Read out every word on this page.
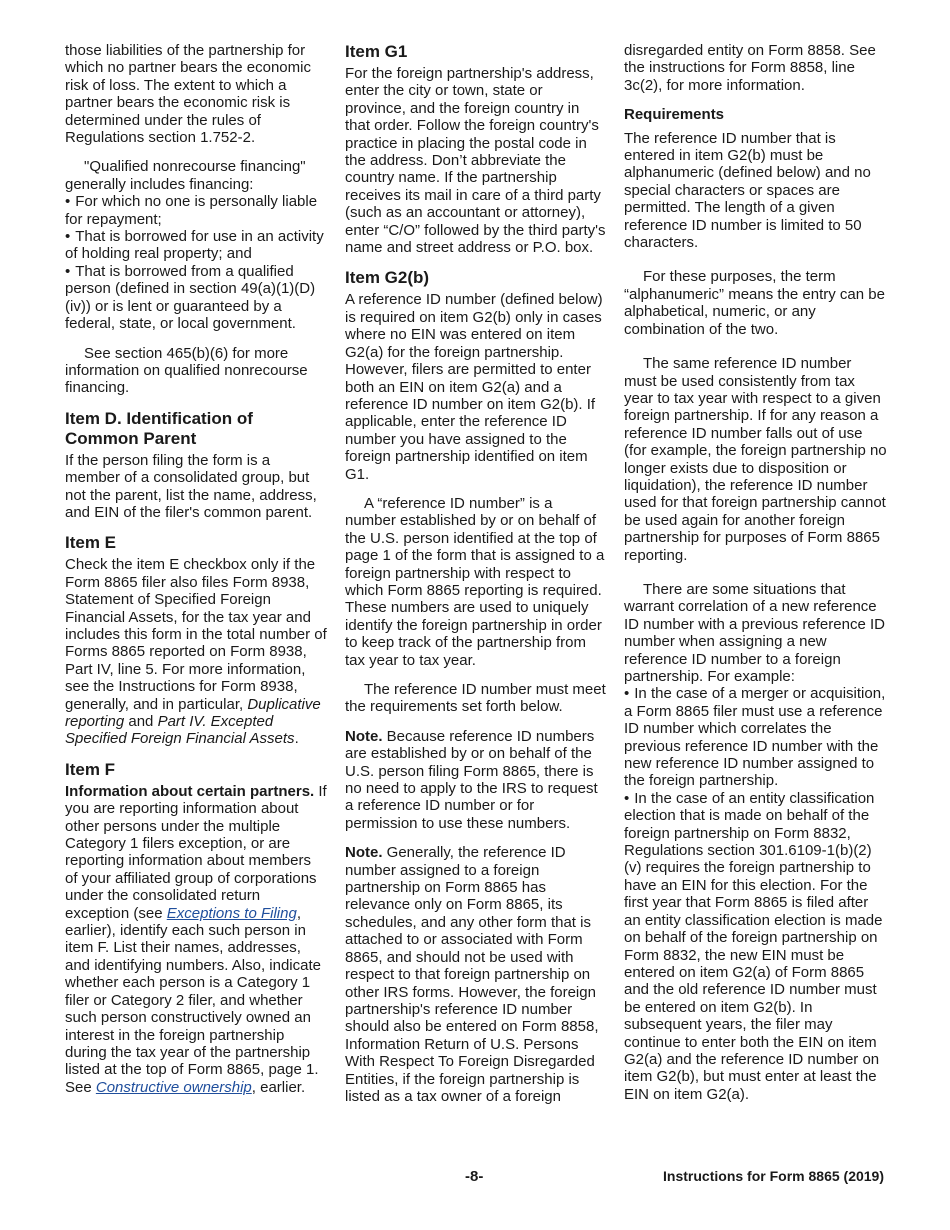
those liabilities of the partnership for which no partner bears the economic risk of loss. The extent to which a partner bears the economic risk is determined under the rules of Regulations section 1.752-2.

"Qualified nonrecourse financing" generally includes financing:

• For which no one is personally liable for repayment;

• That is borrowed for use in an activity of holding real property; and

• That is borrowed from a qualified person (defined in section 49(a)(1)(D)(iv)) or is lent or guaranteed by a federal, state, or local government.

See section 465(b)(6) for more information on qualified nonrecourse financing.

Item D. Identification of Common Parent

If the person filing the form is a member of a consolidated group, but not the parent, list the name, address, and EIN of the filer's common parent.

Item E

Check the item E checkbox only if the Form 8865 filer also files Form 8938, Statement of Specified Foreign Financial Assets, for the tax year and includes this form in the total number of Forms 8865 reported on Form 8938, Part IV, line 5. For more information, see the Instructions for Form 8938, generally, and in particular, Duplicative reporting and Part IV. Excepted Specified Foreign Financial Assets.

Item F

Information about certain partners. If you are reporting information about other persons under the multiple Category 1 filers exception, or are reporting information about members of your affiliated group of corporations under the consolidated return exception (see Exceptions to Filing, earlier), identify each such person in item F. List their names, addresses, and identifying numbers. Also, indicate whether each person is a Category 1 filer or Category 2 filer, and whether such person constructively owned an interest in the foreign partnership during the tax year of the partnership listed at the top of Form 8865, page 1. See Constructive ownership, earlier.

Item G1

For the foreign partnership's address, enter the city or town, state or province, and the foreign country in that order. Follow the foreign country's practice in placing the postal code in the address. Don’t abbreviate the country name. If the partnership receives its mail in care of a third party (such as an accountant or attorney), enter “C/O” followed by the third party's name and street address or P.O. box.

Item G2(b)

A reference ID number (defined below) is required on item G2(b) only in cases where no EIN was entered on item G2(a) for the foreign partnership. However, filers are permitted to enter both an EIN on item G2(a) and a reference ID number on item G2(b). If applicable, enter the reference ID number you have assigned to the foreign partnership identified on item G1.

A “reference ID number” is a number established by or on behalf of the U.S. person identified at the top of page 1 of the form that is assigned to a foreign partnership with respect to which Form 8865 reporting is required. These numbers are used to uniquely identify the foreign partnership in order to keep track of the partnership from tax year to tax year.

The reference ID number must meet the requirements set forth below.

Note. Because reference ID numbers are established by or on behalf of the U.S. person filing Form 8865, there is no need to apply to the IRS to request a reference ID number or for permission to use these numbers.

Note. Generally, the reference ID number assigned to a foreign partnership on Form 8865 has relevance only on Form 8865, its schedules, and any other form that is attached to or associated with Form 8865, and should not be used with respect to that foreign partnership on other IRS forms. However, the foreign partnership's reference ID number should also be entered on Form 8858, Information Return of U.S. Persons With Respect To Foreign Disregarded Entities, if the foreign partnership is listed as a tax owner of a foreign

disregarded entity on Form 8858. See the instructions for Form 8858, line 3c(2), for more information.

Requirements

The reference ID number that is entered in item G2(b) must be alphanumeric (defined below) and no special characters or spaces are permitted. The length of a given reference ID number is limited to 50 characters.

For these purposes, the term “alphanumeric” means the entry can be alphabetical, numeric, or any combination of the two.

The same reference ID number must be used consistently from tax year to tax year with respect to a given foreign partnership. If for any reason a reference ID number falls out of use (for example, the foreign partnership no longer exists due to disposition or liquidation), the reference ID number used for that foreign partnership cannot be used again for another foreign partnership for purposes of Form 8865 reporting.

There are some situations that warrant correlation of a new reference ID number with a previous reference ID number when assigning a new reference ID number to a foreign partnership. For example:

• In the case of a merger or acquisition, a Form 8865 filer must use a reference ID number which correlates the previous reference ID number with the new reference ID number assigned to the foreign partnership.

• In the case of an entity classification election that is made on behalf of the foreign partnership on Form 8832, Regulations section 301.6109-1(b)(2)(v) requires the foreign partnership to have an EIN for this election. For the first year that Form 8865 is filed after an entity classification election is made on behalf of the foreign partnership on Form 8832, the new EIN must be entered on item G2(a) of Form 8865 and the old reference ID number must be entered on item G2(b). In subsequent years, the filer may continue to enter both the EIN on item G2(a) and the reference ID number on item G2(b), but must enter at least the EIN on item G2(a).

-8-	Instructions for Form 8865 (2019)
